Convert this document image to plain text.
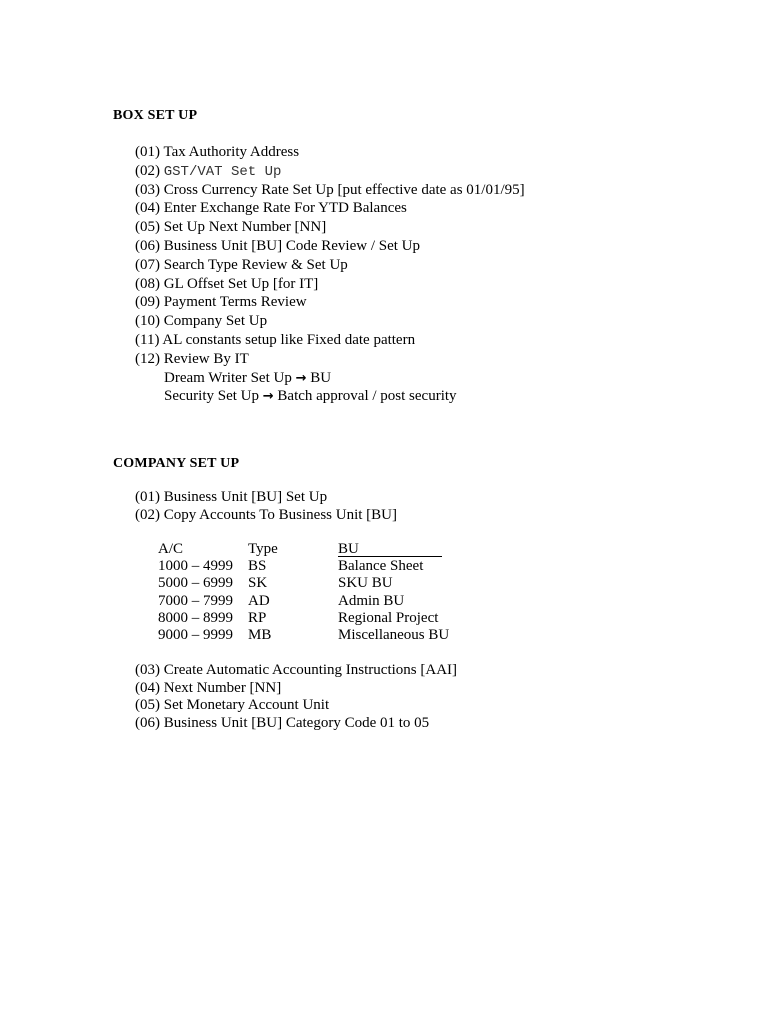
BOX SET UP
(01) Tax Authority Address
(02) GST/VAT Set Up
(03) Cross Currency Rate Set Up [put effective date as 01/01/95]
(04) Enter Exchange Rate For YTD Balances
(05) Set Up Next Number [NN]
(06) Business Unit [BU] Code Review / Set Up
(07) Search Type Review & Set Up
(08) GL Offset Set Up [for IT]
(09) Payment Terms Review
(10) Company Set Up
(11) AL constants setup like Fixed date pattern
(12) Review By IT
Dream Writer Set Up → BU
Security Set Up → Batch approval / post security
COMPANY SET UP
(01) Business Unit [BU] Set Up
(02) Copy Accounts To Business Unit [BU]
A/C	Type	BU
1000 – 4999	BS	Balance Sheet
5000 – 6999	SK	SKU BU
7000 – 7999	AD	Admin BU
8000 – 8999	RP	Regional Project
9000 – 9999	MB	Miscellaneous BU
(03) Create Automatic Accounting Instructions [AAI]
(04) Next Number [NN]
(05) Set Monetary Account Unit
(06) Business Unit [BU] Category Code 01 to 05
